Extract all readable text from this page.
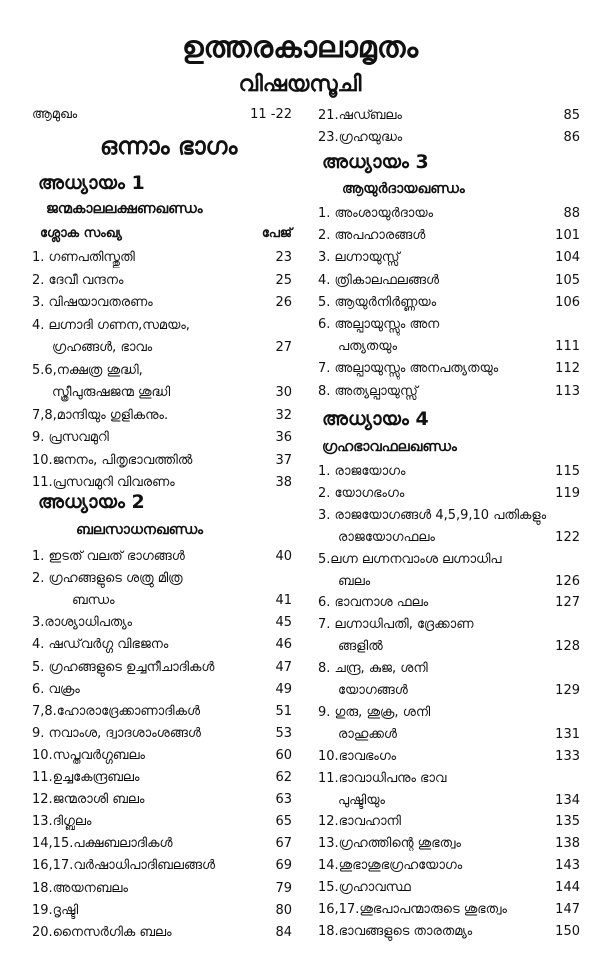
ഉത്തരകാലാമൃതം
വിഷയസൂചി
ആമുഖം	11 -22
ഒന്നാം ഭാഗം
അധ്യായം 1
ജന്മകാലലക്ഷണഖണ്ഡം
ശ്ലോക സംഖ്യ	പേജ്
1. ഗണപതിസ്തുതി	23
2. ദേവീ വന്ദനം	25
3. വിഷയാവതരണം	26
4. ലഗ്നാദി ഗണന,സമയം,
ഗ്രഹങ്ങൾ, ഭാവം	27
5.6,നക്ഷത്ര ശുദ്ധി,
സ്ത്രീപുരുഷജന്മ ശുദ്ധി	30
7,8,മാന്ദിയും ഗുളികനും.	32
9. പ്രസവമുറി	36
10.ജനനം, പിതൃഭാവത്തിൽ	37
11.പ്രസവമുറി വിവരണം	38
അധ്യായം 2
ബലസാധനഖണ്ഡം
1. ഇടത് വലത് ഭാഗങ്ങൾ	40
2. ഗ്രഹങ്ങളുടെ ശത്രു മിത്ര
ബന്ധം	41
3.രാശ്യാധിപത്യം	45
4. ഷഡ്‌വർഗ്ഗ വിഭജനം	46
5. ഗ്രഹങ്ങളുടെ ഉച്ചനീചാദികൾ	47
6. വക്രം	49
7,8.ഹോരാദ്രേക്കാണാദികൾ	51
9. നവാംശ, ദ്വാദശാംശങ്ങൾ	53
10.സപ്തവർഗ്ഗബലം	60
11.ഉച്ചകേന്ദ്രബലം	62
12.ജന്മരാശി ബലം	63
13.ദിഗ്ബലം	65
14,15.പക്ഷബലാദികൾ	67
16,17.വർഷാധിപാദിബലങ്ങൾ	69
18.അയനബലം	79
19.ദൃഷ്ടി	80
20.നൈസർഗിക ബലം	84
21.ഷഡ്ബലം	85
23.ഗ്രഹയുദ്ധം	86
അധ്യായം 3
ആയുർദായഖണ്ഡം
1. അംശായുർദായം	88
2. അപഹാരങ്ങൾ	101
3. ലഗ്നായുസ്സ്	104
4. ത്രികാലഫലങ്ങൾ	105
5. ആയുർനിർണ്ണയം	106
6. അല്പായുസ്സും അന
പത്യതയും	111
7. അല്പായുസ്സും അനപത്യതയും	112
8. അത്യല്പായുസ്സ്	113
അധ്യായം 4
ഗ്രഹഭാവഫലഖണ്ഡം
1. രാജയോഗം	115
2. യോഗഭംഗം	119
3. രാജയോഗങ്ങൾ 4,5,9,10 പതികളും
രാജയോഗഫലം	122
5.ലഗ്ന ലഗ്നനവാംശ ലഗ്നാധിപ
ബലം	126
6. ഭാവനാശ ഫലം	127
7. ലഗ്നാധിപതി, ദ്രേക്കാണ
ങ്ങളിൽ	128
8. ചന്ദ്ര, കുജ, ശനി
യോഗങ്ങൾ	129
9. ഗുരു, ശുക്ര, ശനി
രാഹുക്കൾ	131
10.ഭാവഭംഗം	133
11.ഭാവാധിപനും ഭാവ
പുഷ്ടിയും	134
12.ഭാവഹാനി	135
13.ഗ്രഹത്തിന്റെ ശുഭത്വം	138
14.ശുഭാശുഭഗ്രഹയോഗം	143
15.ഗ്രഹാവസ്ഥ	144
16,17.ശുഭപാപന്മാരുടെ ശുഭത്വം	147
18.ഭാവങ്ങളുടെ താരതമ്യം	150
